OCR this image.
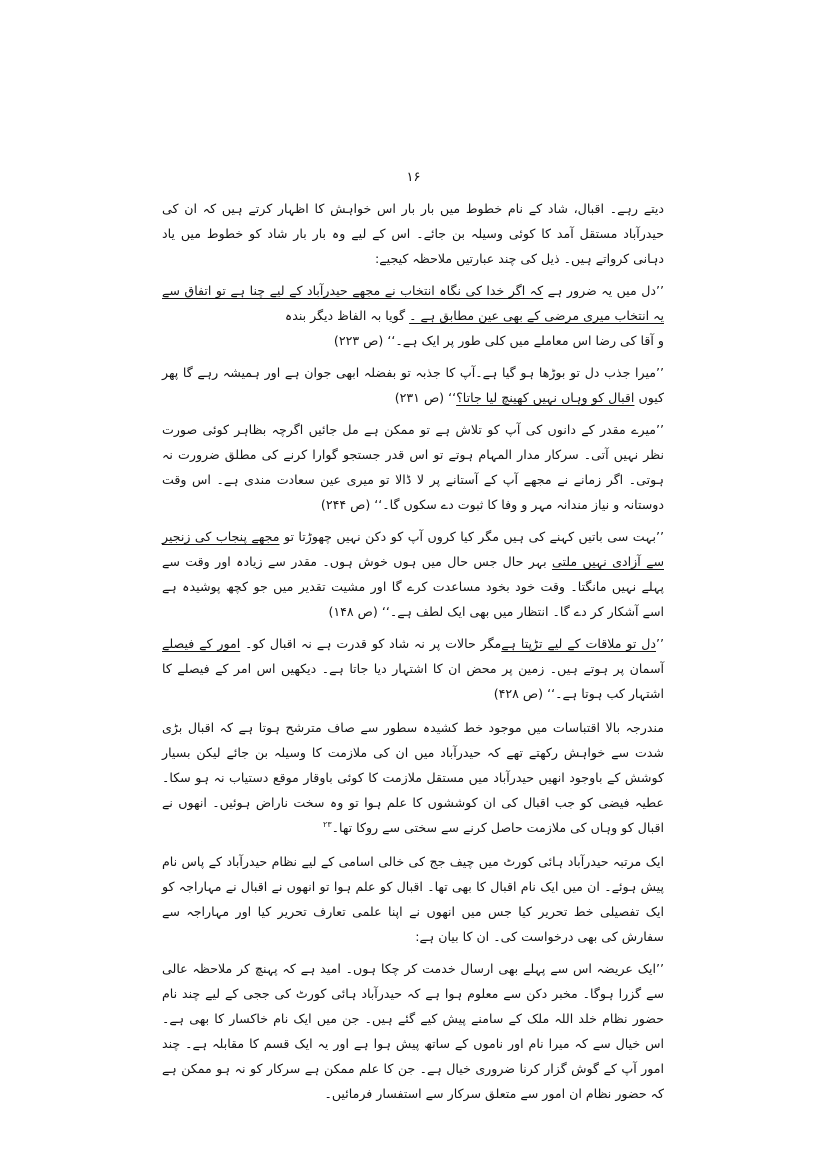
۱۶

دیتے رہے۔ اقبال، شاد کے نام خطوط میں بار بار اس خواہش کا اظہار کرتے ہیں کہ ان کی حیدرآباد مستقل آمد کا کوئی وسیلہ بن جائے۔ اس کے لیے وہ بار بار شاد کو خطوط میں یاد دہانی کرواتے ہیں۔ ذیل کی چند عبارتیں ملاحظہ کیجیے:

’’دل میں یہ ضرور ہے کہ اگر خدا کی نگاہ انتخاب نے مجھے حیدرآباد کے لیے چنا ہے تو اتفاق سے یہ انتخاب میری مرضی کے بھی عین مطابق ہے ۔ گویا بہ الفاظ دیگر بندہ

و آقا کی رضا اس معاملے میں کلی طور پر ایک ہے۔‘‘ (ص ۲۲۳)

’’میرا جذب دل تو بوڑھا ہو گیا ہے۔آپ کا جذبہ تو بفضلہ ابھی جوان ہے اور ہمیشہ رہے گا پھر کیوں اقبال کو وہاں نہیں کھینچ لیا جاتا؟‘‘ (ص ۲۳۱)

’’میرے مقدر کے دانوں کی آپ کو تلاش ہے تو ممکن ہے مل جائیں اگرچہ بظاہر کوئی صورت نظر نہیں آتی۔ سرکار مدار المہام ہوتے تو اس قدر جستجو گوارا کرنے کی مطلق ضرورت نہ ہوتی۔ اگر زمانے نے مجھے آپ کے آستانے پر لا ڈالا تو میری عین سعادت مندی ہے۔ اس وقت دوستانہ و نیاز مندانہ مہر و وفا کا ثبوت دے سکوں گا۔‘‘ (ص ۲۴۴)

’’بہت سی باتیں کہنے کی ہیں مگر کیا کروں آپ کو دکن نہیں چھوڑتا تو مجھے پنجاب کی زنجیر سے آزادی نہیں ملتی بہر حال جس حال میں ہوں خوش ہوں۔ مقدر سے زیادہ اور وقت سے پہلے نہیں مانگتا۔ وقت خود بخود مساعدت کرے گا اور مشیت تقدیر میں جو کچھ پوشیدہ ہے اسے آشکار کر دے گا۔ انتظار میں بھی ایک لطف ہے۔‘‘ (ص ۱۴۸)

’’دل تو ملاقات کے لیے تڑپتا ہےمگر حالات پر نہ شاد کو قدرت ہے نہ اقبال کو۔ امور کے فیصلے آسمان پر ہوتے ہیں۔ زمین پر محض ان کا اشتہار دیا جاتا ہے۔ دیکھیں اس امر کے فیصلے کا اشتہار کب ہوتا ہے۔‘‘ (ص ۴۲۸)

مندرجہ بالا اقتباسات میں موجود خط کشیدہ سطور سے صاف مترشح ہوتا ہے کہ اقبال بڑی شدت سے خواہش رکھتے تھے کہ حیدرآباد میں ان کی ملازمت کا وسیلہ بن جائے لیکن بسیار کوشش کے باوجود انھیں حیدرآباد میں مستقل ملازمت کا کوئی باوقار موقع دستیاب نہ ہو سکا۔ عطیہ فیضی کو جب اقبال کی ان کوششوں کا علم ہوا تو وہ سخت ناراض ہوئیں۔ انھوں نے اقبال کو وہاں کی ملازمت حاصل کرنے سے سختی سے روکا تھا۔$^{۲۳}$

ایک مرتبہ حیدرآباد ہائی کورٹ میں چیف جج کی خالی اسامی کے لیے نظام حیدرآباد کے پاس نام پیش ہوئے۔ ان میں ایک نام اقبال کا بھی تھا۔ اقبال کو علم ہوا تو انھوں نے اقبال نے مہاراجہ کو ایک تفصیلی خط تحریر کیا جس میں انھوں نے اپنا علمی تعارف تحریر کیا اور مہاراجہ سے سفارش کی بھی درخواست کی۔ ان کا بیان ہے:

’’ایک عریضہ اس سے پہلے بھی ارسال خدمت کر چکا ہوں۔ امید ہے کہ پہنچ کر ملاحظہ عالی سے گزرا ہوگا۔ مخبر دکن سے معلوم ہوا ہے کہ حیدرآباد ہائی کورٹ کی ججی کے لیے چند نام حضور نظام خلد اللہ ملک کے سامنے پیش کیے گئے ہیں۔ جن میں ایک نام خاکسار کا بھی ہے۔ اس خیال سے کہ میرا نام اور ناموں کے ساتھ پیش ہوا ہے اور یہ ایک قسم کا مقابلہ ہے۔ چند امور آپ کے گوش گزار کرنا ضروری خیال ہے۔ جن کا علم ممکن ہے سرکار کو نہ ہو ممکن ہے کہ حضور نظام ان امور سے متعلق سرکار سے استفسار فرمائیں۔
